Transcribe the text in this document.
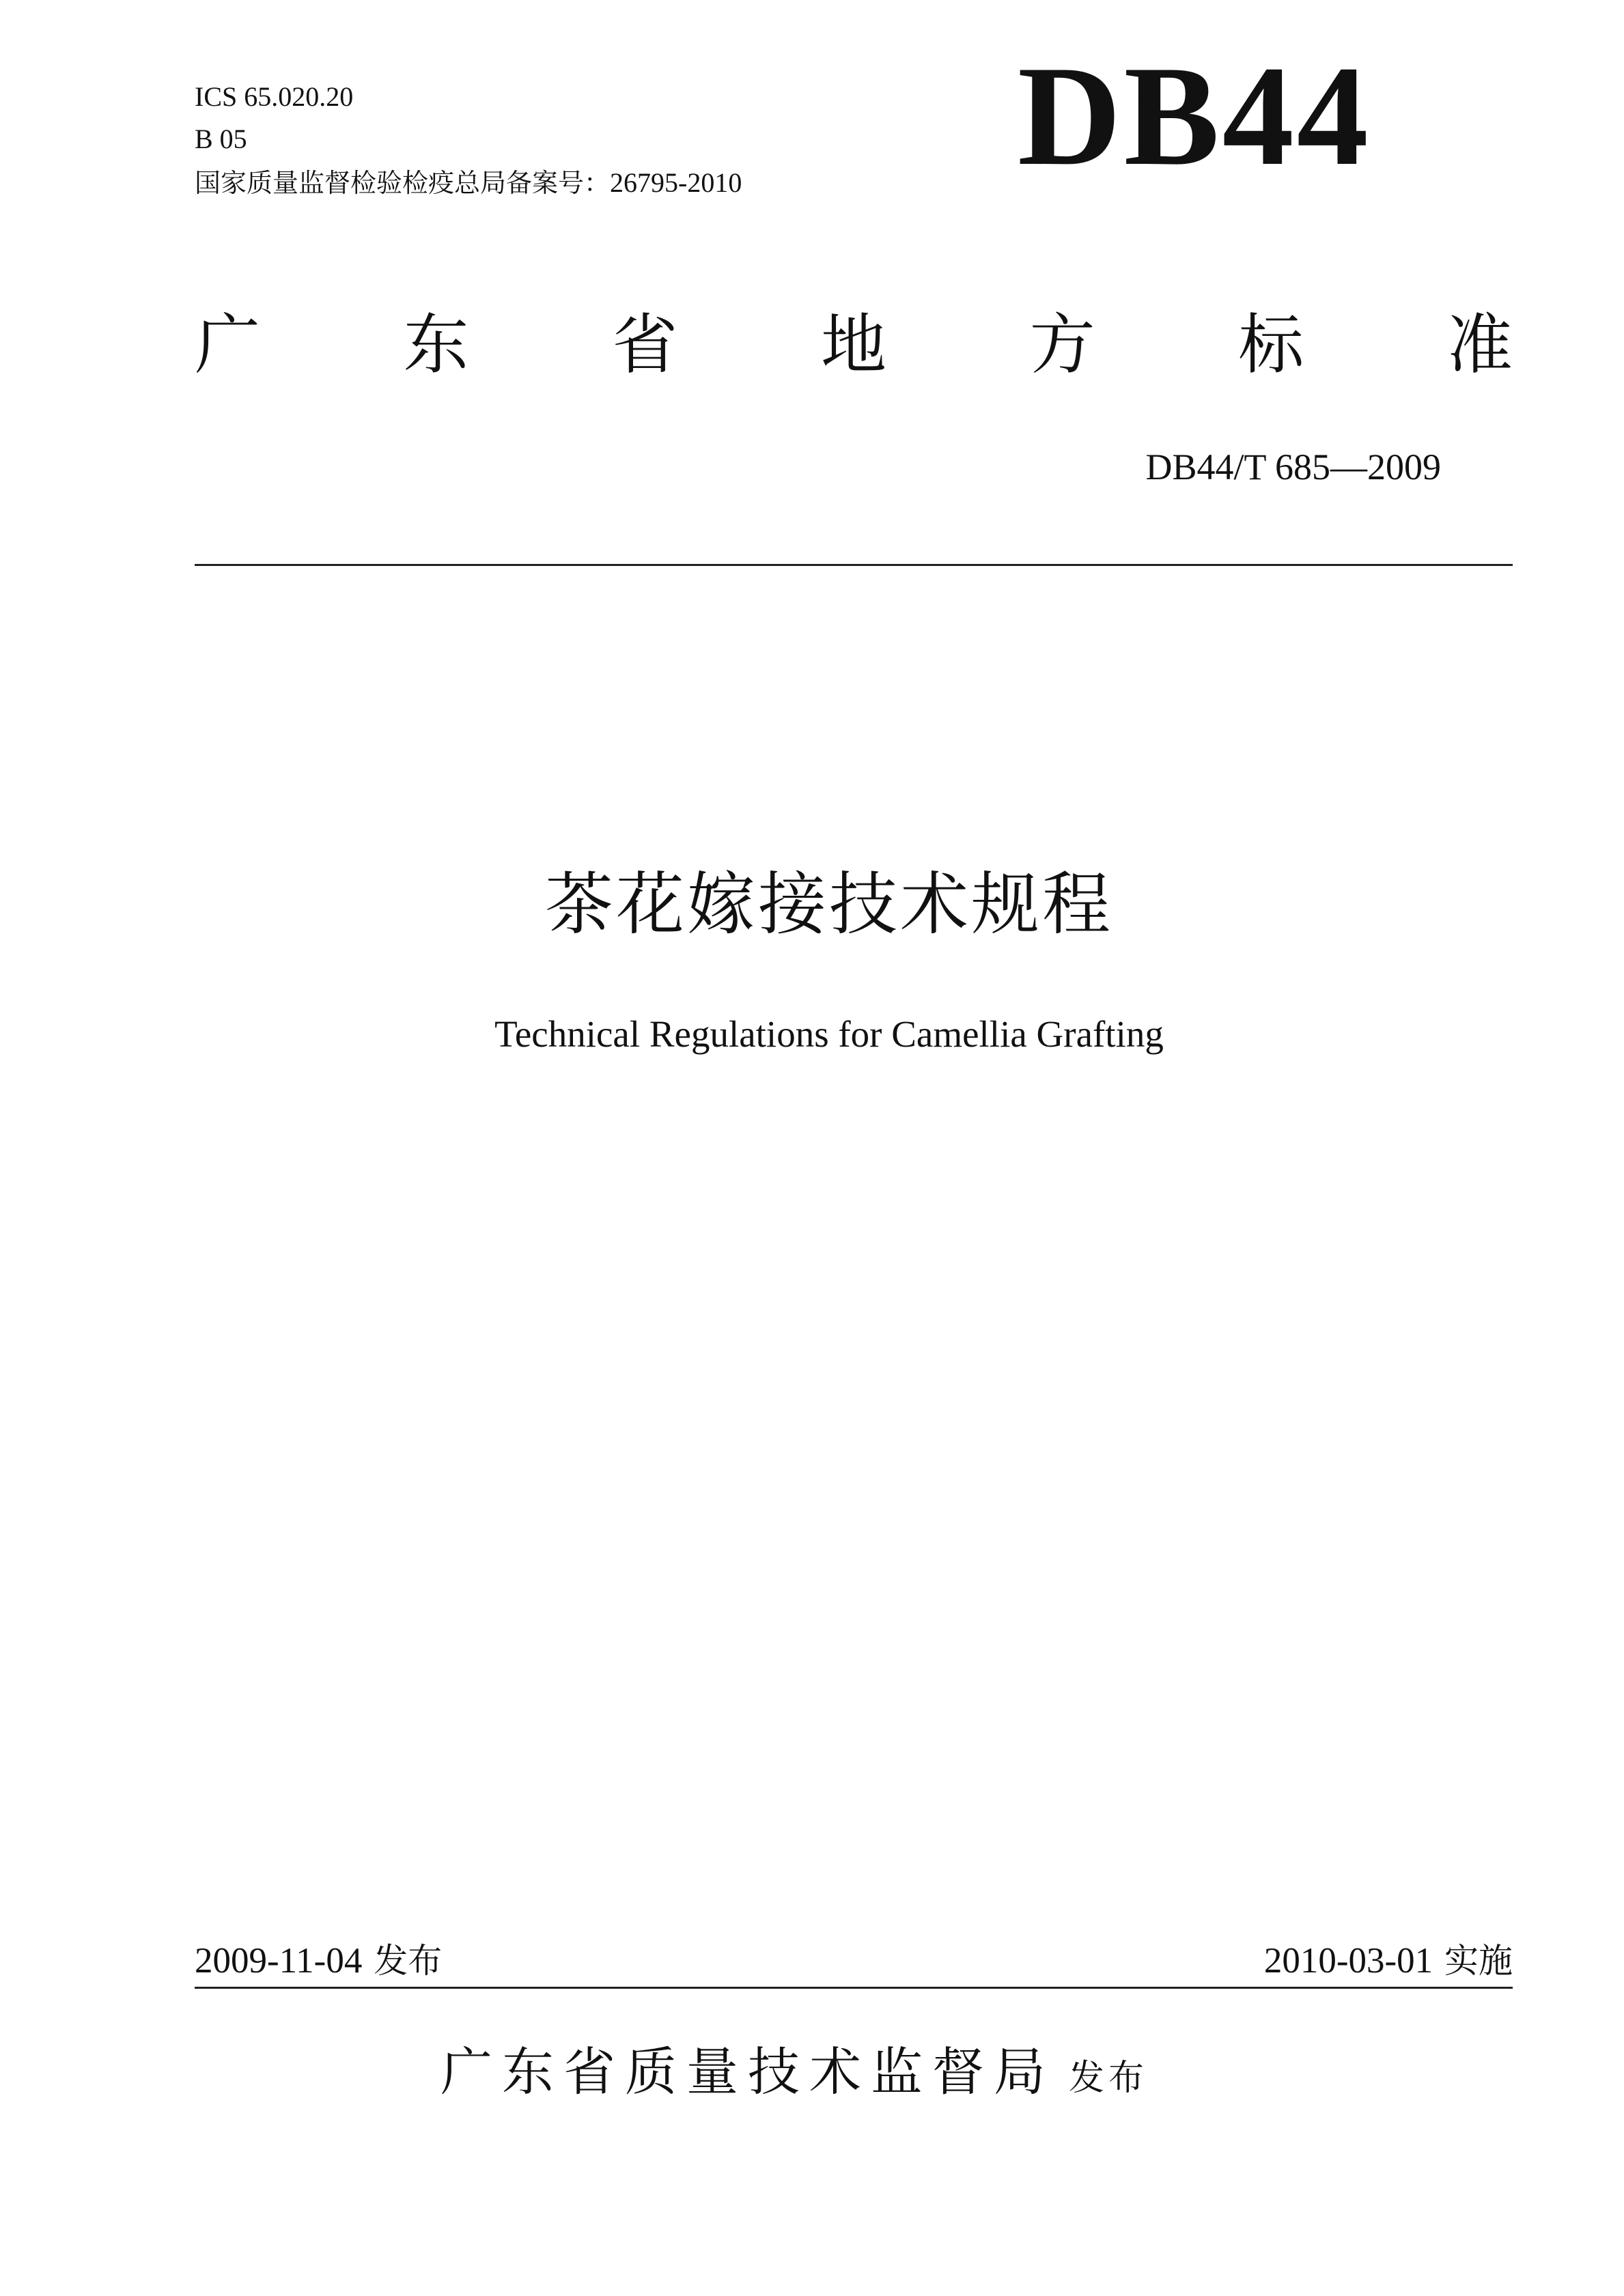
ICS 65.020.20
B 05
国家质量监督检验检疫总局备案号：26795-2010 DB44
广 东 省 地 方 标 准
DB44/T 685—2009
茶花嫁接技术规程
Technical Regulations for Camellia Grafting
2009-11-04 发布	2010-03-01 实施
广东省质量技术监督局 发布
